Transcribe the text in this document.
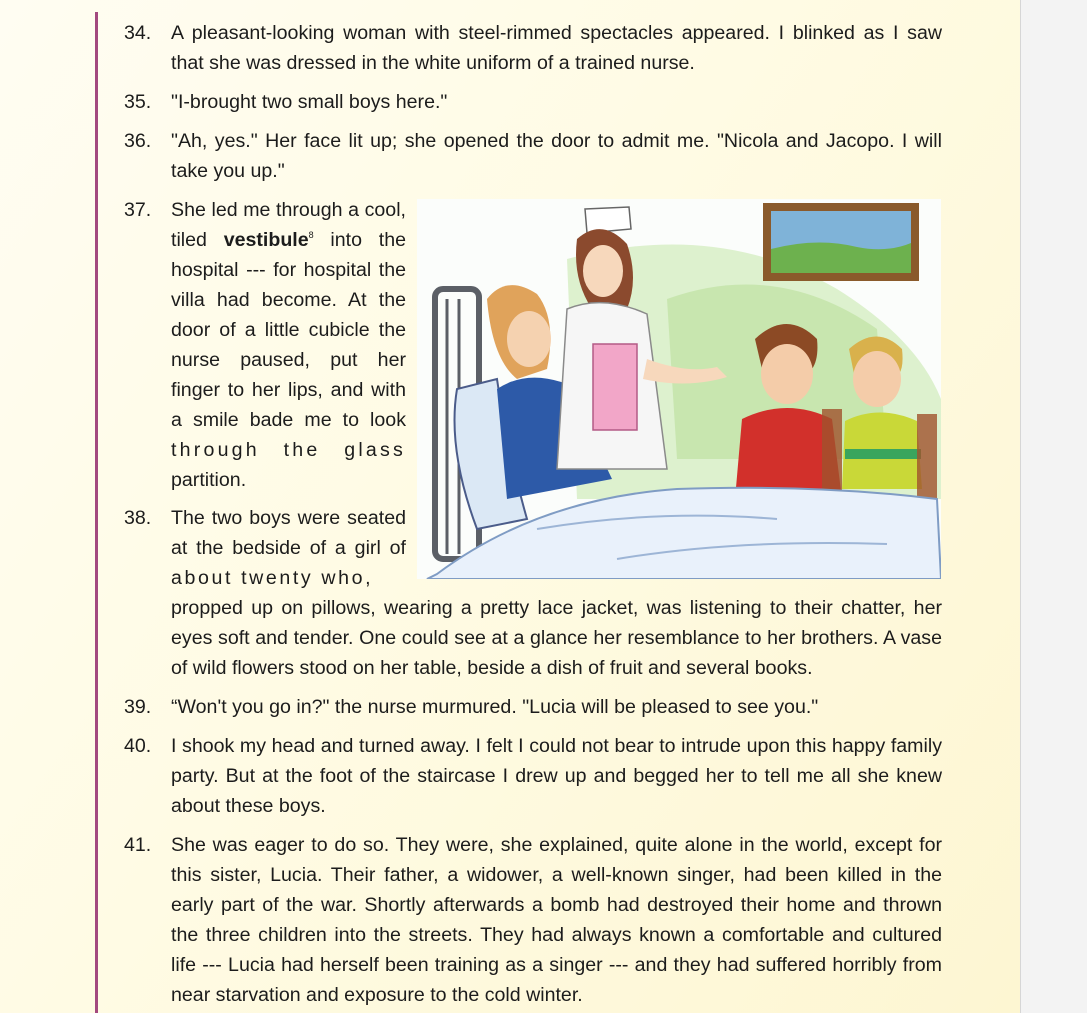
34.	A pleasant-looking woman with steel-rimmed spectacles appeared. I blinked as I saw that she was dressed in the white uniform of a trained nurse.
35.	"I-brought two small boys here."
36.	"Ah, yes." Her face lit up; she opened the door to admit me. "Nicola and Jacopo. I will take you up."
37.	She led me through a cool, tiled vestibule$^8$ into the hospital --- for hospital the villa had become. At the door of a little cubicle the nurse paused, put her finger to her lips, and with a smile bade me to look through the glass partition.
38.	The two boys were seated at the bedside of a girl of about twenty who,
propped up on pillows, wearing a pretty lace jacket, was listening to their chatter, her eyes soft and tender. One could see at a glance her resemblance to her brothers. A vase of wild flowers stood on her table, beside a dish of fruit and several books.
39.	“Won't you go in?" the nurse murmured. "Lucia will be pleased to see you."
40.	I shook my head and turned away. I felt I could not bear to intrude upon this happy family party. But at the foot of the staircase I drew up and begged her to tell me all she knew about these boys.
41.	She was eager to do so. They were, she explained, quite alone in the world, except for this sister, Lucia. Their father, a widower, a well-known singer, had been killed in the early part of the war. Shortly afterwards a bomb had destroyed their home and thrown the three children into the streets. They had always known a comfortable and cultured life --- Lucia had herself been training as a singer --- and they had suffered horribly from near starvation and exposure to the cold winter.
